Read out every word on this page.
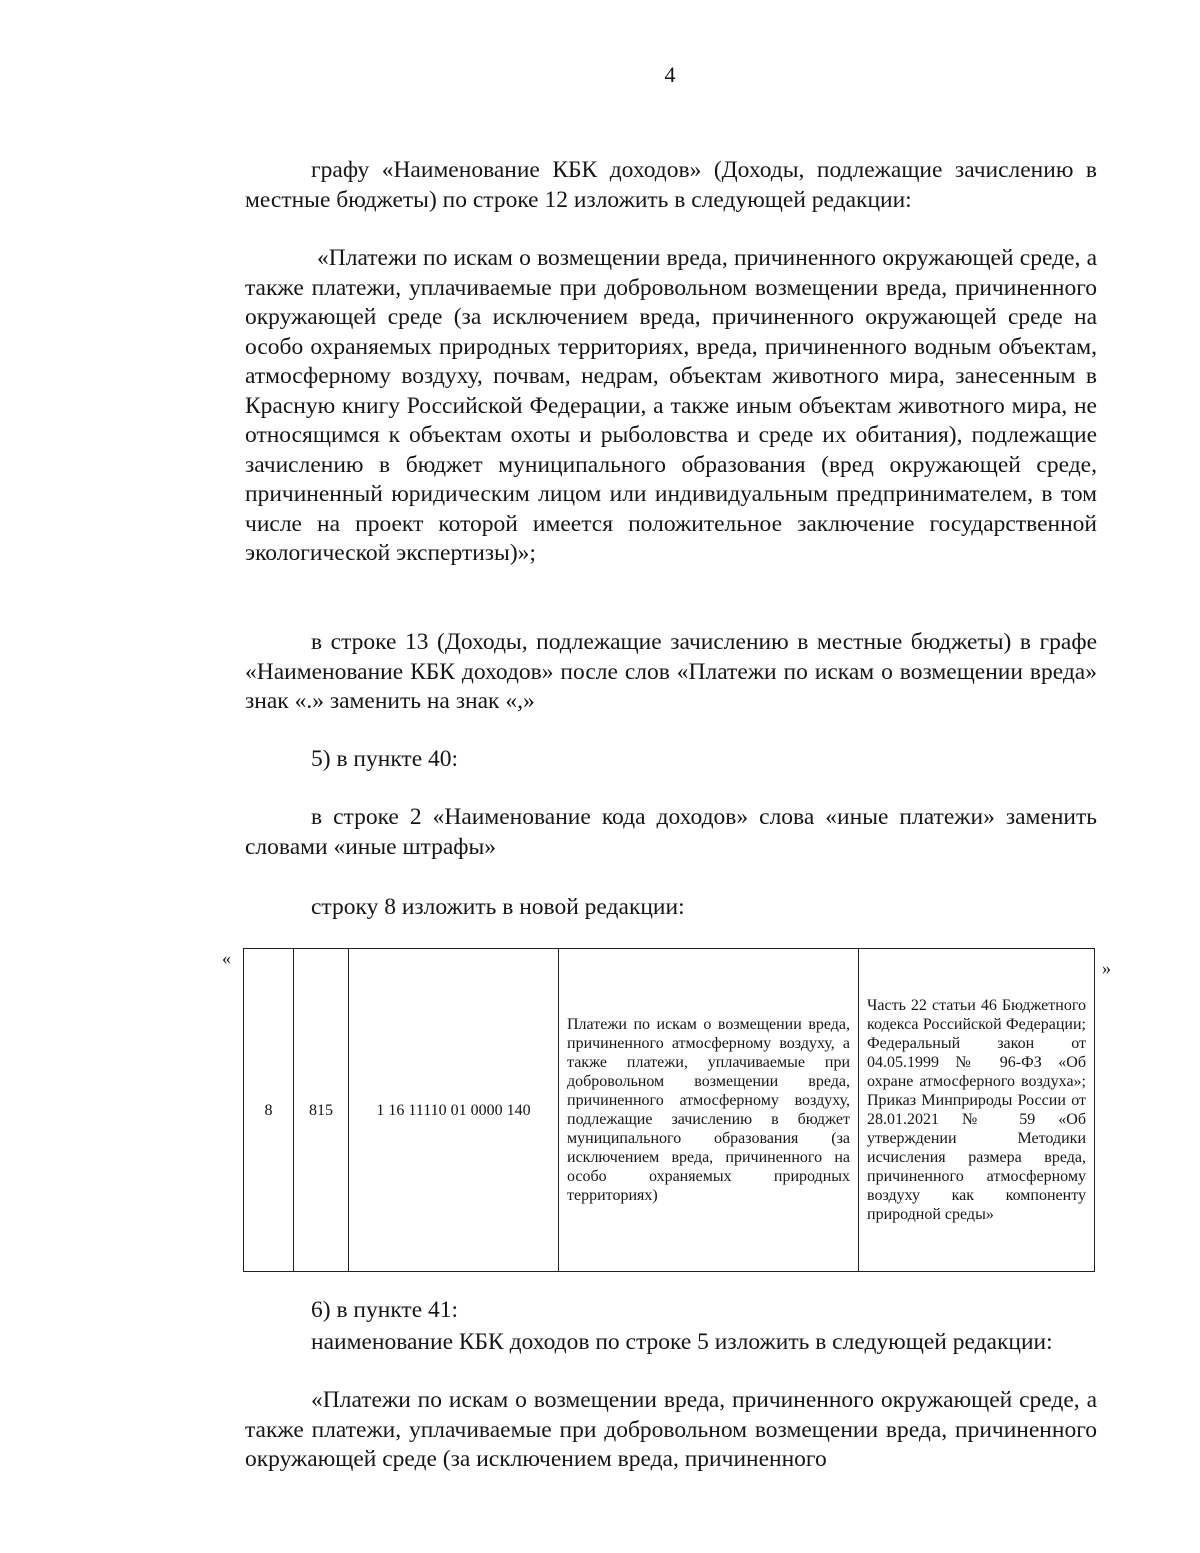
4

графу «Наименование КБК доходов» (Доходы, подлежащие зачислению в местные бюджеты) по строке 12 изложить в следующей редакции:

«Платежи по искам о возмещении вреда, причиненного окружающей среде, а также платежи, уплачиваемые при добровольном возмещении вреда, причиненного окружающей среде (за исключением вреда, причиненного окружающей среде на особо охраняемых природных территориях, вреда, причиненного водным объектам, атмосферному воздуху, почвам, недрам, объектам животного мира, занесенным в Красную книгу Российской Федерации, а также иным объектам животного мира, не относящимся к объектам охоты и рыболовства и среде их обитания), подлежащие зачислению в бюджет муниципального образования (вред окружающей среде, причиненный юридическим лицом или индивидуальным предпринимателем, в том числе на проект которой имеется положительное заключение государственной экологической экспертизы)»;

в строке 13 (Доходы, подлежащие зачислению в местные бюджеты) в графе «Наименование КБК доходов» после слов «Платежи по искам о возмещении вреда» знак «.» заменить на знак «,»

5) в пункте 40:

в строке 2 «Наименование кода доходов» слова «иные платежи» заменить словами «иные штрафы»

строку 8 изложить в новой редакции:

«
8	815	1 16 11110 01 0000 140	Платежи по искам о возмещении вреда, причиненного атмосферному воздуху, а также платежи, уплачиваемые при добровольном возмещении вреда, причиненного атмосферному воздуху, подлежащие зачислению в бюджет муниципального образования (за исключением вреда, причиненного на особо охраняемых природных территориях)	Часть 22 статьи 46 Бюджетного кодекса Российской Федерации; Федеральный закон от 04.05.1999 № 96-ФЗ «Об охране атмосферного воздуха»; Приказ Минприроды России от 28.01.2021 № 59 «Об утверждении Методики исчисления размера вреда, причиненного атмосферному воздуху как компоненту природной среды»
»

6) в пункте 41:

наименование КБК доходов по строке 5 изложить в следующей редакции:

«Платежи по искам о возмещении вреда, причиненного окружающей среде, а также платежи, уплачиваемые при добровольном возмещении вреда, причиненного окружающей среде (за исключением вреда, причиненного
